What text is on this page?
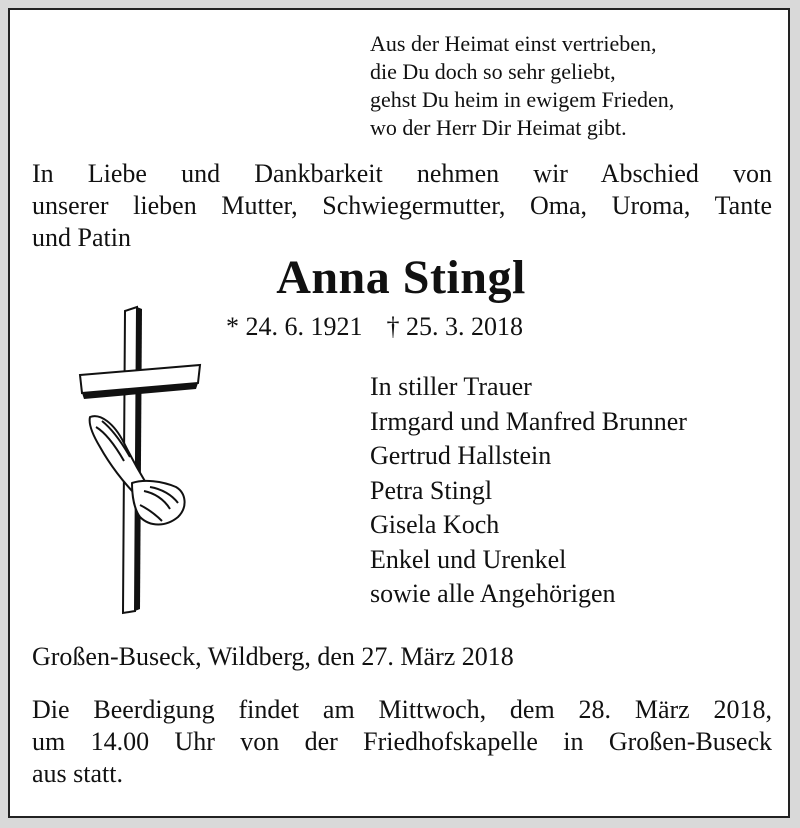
Aus der Heimat einst vertrieben,
die Du doch so sehr geliebt,
gehst Du heim in ewigem Frieden,
wo der Herr Dir Heimat gibt.
In Liebe und Dankbarkeit nehmen wir Abschied von
unserer lieben Mutter, Schwiegermutter, Oma, Uroma, Tante
und Patin
Anna Stingl
* 24. 6. 1921 † 25. 3. 2018
In stiller Trauer
Irmgard und Manfred Brunner
Gertrud Hallstein
Petra Stingl
Gisela Koch
Enkel und Urenkel
sowie alle Angehörigen
Großen-Buseck, Wildberg, den 27. März 2018
Die Beerdigung findet am Mittwoch, dem 28. März 2018,
um 14.00 Uhr von der Friedhofskapelle in Großen-Buseck
aus statt.
